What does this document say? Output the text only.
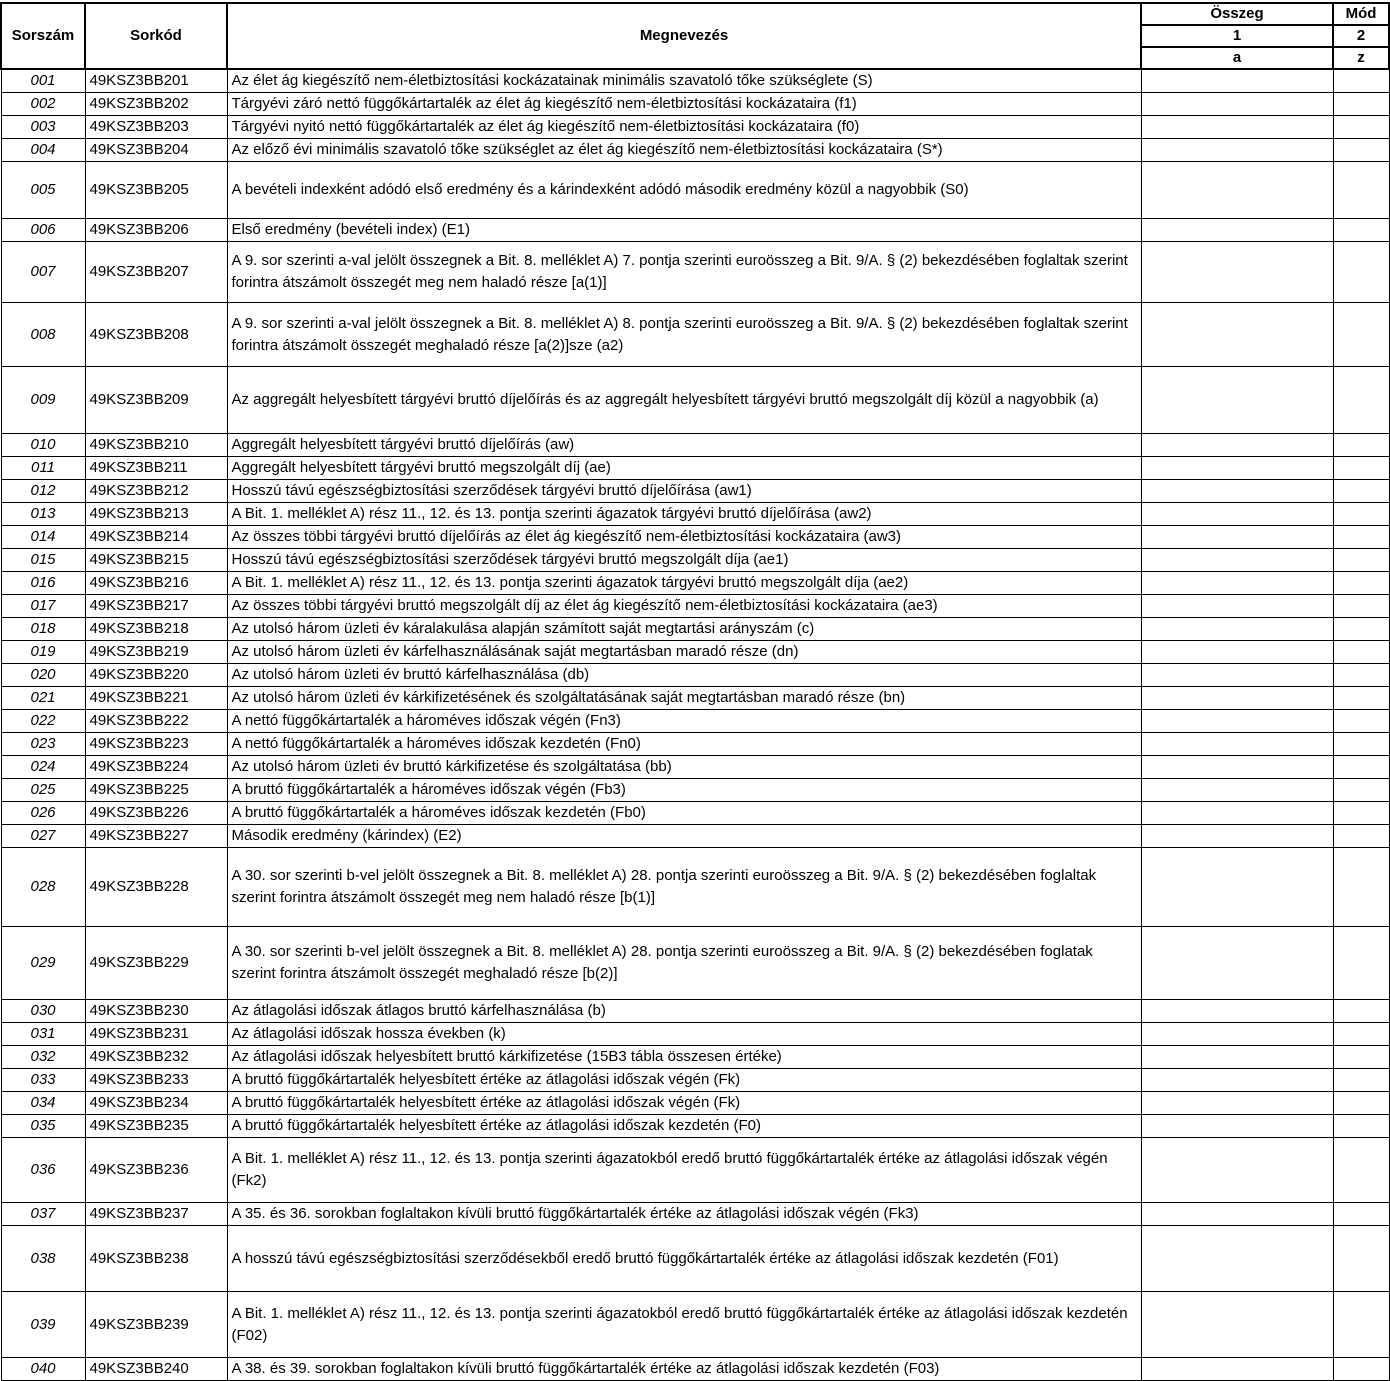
Sorszám	Sorkód	Megnevezés	Összeg	Mód
			1	2
			a	z
001	49KSZ3BB201	Az élet ág kiegészítő nem-életbiztosítási kockázatainak minimális szavatoló tőke szükséglete (S)		
002	49KSZ3BB202	Tárgyévi záró nettó függőkártartalék az élet ág kiegészítő nem-életbiztosítási kockázataira (f1)		
003	49KSZ3BB203	Tárgyévi nyitó nettó függőkártartalék az élet ág kiegészítő nem-életbiztosítási kockázataira (f0)		
004	49KSZ3BB204	Az előző évi minimális szavatoló tőke szükséglet az élet ág kiegészítő nem-életbiztosítási kockázataira (S*)		
005	49KSZ3BB205	A bevételi indexként adódó első eredmény és a kárindexként adódó második eredmény közül a nagyobbik (S0)		
006	49KSZ3BB206	Első eredmény (bevételi index) (E1)		
007	49KSZ3BB207	A 9. sor szerinti a-val jelölt összegnek a Bit. 8. melléklet A) 7. pontja szerinti euroösszeg a Bit. 9/A. § (2) bekezdésében foglaltak szerint forintra átszámolt összegét meg nem haladó része [a(1)]		
008	49KSZ3BB208	A 9. sor szerinti a-val jelölt összegnek a Bit. 8. melléklet A) 8. pontja szerinti euroösszeg a Bit. 9/A. § (2) bekezdésében foglaltak szerint forintra átszámolt összegét meghaladó része [a(2)]sze (a2)		
009	49KSZ3BB209	Az aggregált helyesbített tárgyévi bruttó díjelőírás és az aggregált helyesbített tárgyévi bruttó megszolgált díj közül a nagyobbik (a)		
010	49KSZ3BB210	Aggregált helyesbített tárgyévi bruttó díjelőírás (aw)		
011	49KSZ3BB211	Aggregált helyesbített tárgyévi bruttó megszolgált díj (ae)		
012	49KSZ3BB212	Hosszú távú egészségbiztosítási szerződések tárgyévi bruttó díjelőírása (aw1)		
013	49KSZ3BB213	A Bit. 1. melléklet A) rész 11., 12. és 13. pontja szerinti ágazatok tárgyévi bruttó díjelőírása (aw2)		
014	49KSZ3BB214	Az összes többi tárgyévi bruttó díjelőírás az élet ág kiegészítő nem-életbiztosítási kockázataira (aw3)		
015	49KSZ3BB215	Hosszú távú egészségbiztosítási szerződések tárgyévi bruttó megszolgált díja (ae1)		
016	49KSZ3BB216	A Bit. 1. melléklet A) rész 11., 12. és 13. pontja szerinti ágazatok tárgyévi bruttó megszolgált díja (ae2)		
017	49KSZ3BB217	Az összes többi tárgyévi bruttó megszolgált díj az élet ág kiegészítő nem-életbiztosítási kockázataira (ae3)		
018	49KSZ3BB218	Az utolsó három üzleti év káralakulása alapján számított saját megtartási arányszám (c)		
019	49KSZ3BB219	Az utolsó három üzleti év kárfelhasználásának saját megtartásban maradó része (dn)		
020	49KSZ3BB220	Az utolsó három üzleti év bruttó kárfelhasználása (db)		
021	49KSZ3BB221	Az utolsó három üzleti év kárkifizetésének és szolgáltatásának saját megtartásban maradó része (bn)		
022	49KSZ3BB222	A nettó függőkártartalék a hároméves időszak végén (Fn3)		
023	49KSZ3BB223	A nettó függőkártartalék a hároméves időszak kezdetén (Fn0)		
024	49KSZ3BB224	Az utolsó három üzleti év bruttó kárkifizetése és szolgáltatása (bb)		
025	49KSZ3BB225	A bruttó függőkártartalék a hároméves időszak végén (Fb3)		
026	49KSZ3BB226	A bruttó függőkártartalék a hároméves időszak kezdetén (Fb0)		
027	49KSZ3BB227	Második eredmény (kárindex) (E2)		
028	49KSZ3BB228	A 30. sor szerinti b-vel jelölt összegnek a Bit. 8. melléklet A) 28. pontja szerinti euroösszeg a Bit. 9/A. § (2) bekezdésében foglaltak szerint forintra átszámolt összegét meg nem haladó része [b(1)]		
029	49KSZ3BB229	A 30. sor szerinti b-vel jelölt összegnek a Bit. 8. melléklet A) 28. pontja szerinti euroösszeg a Bit. 9/A. § (2) bekezdésében foglatak szerint forintra átszámolt összegét meghaladó része [b(2)]		
030	49KSZ3BB230	Az átlagolási időszak átlagos bruttó kárfelhasználása (b)		
031	49KSZ3BB231	Az átlagolási időszak hossza években (k)		
032	49KSZ3BB232	Az átlagolási időszak helyesbített bruttó kárkifizetése (15B3 tábla összesen értéke)		
033	49KSZ3BB233	A bruttó függőkártartalék helyesbített értéke az átlagolási időszak végén (Fk)		
034	49KSZ3BB234	A bruttó függőkártartalék helyesbített értéke az átlagolási időszak végén (Fk)		
035	49KSZ3BB235	A bruttó függőkártartalék helyesbített értéke az átlagolási időszak kezdetén (F0)		
036	49KSZ3BB236	A Bit. 1. melléklet A) rész 11., 12. és 13. pontja szerinti ágazatokból eredő bruttó függőkártartalék értéke az átlagolási időszak végén (Fk2)		
037	49KSZ3BB237	A 35. és 36. sorokban foglaltakon kívüli bruttó függőkártartalék értéke az átlagolási időszak végén (Fk3)		
038	49KSZ3BB238	A hosszú távú egészségbiztosítási szerződésekből eredő bruttó függőkártartalék értéke az átlagolási időszak kezdetén (F01)		
039	49KSZ3BB239	A Bit. 1. melléklet A) rész 11., 12. és 13. pontja szerinti ágazatokból eredő bruttó függőkártartalék értéke az átlagolási időszak kezdetén (F02)		
040	49KSZ3BB240	A 38. és 39. sorokban foglaltakon kívüli bruttó függőkártartalék értéke az átlagolási időszak kezdetén (F03)		
